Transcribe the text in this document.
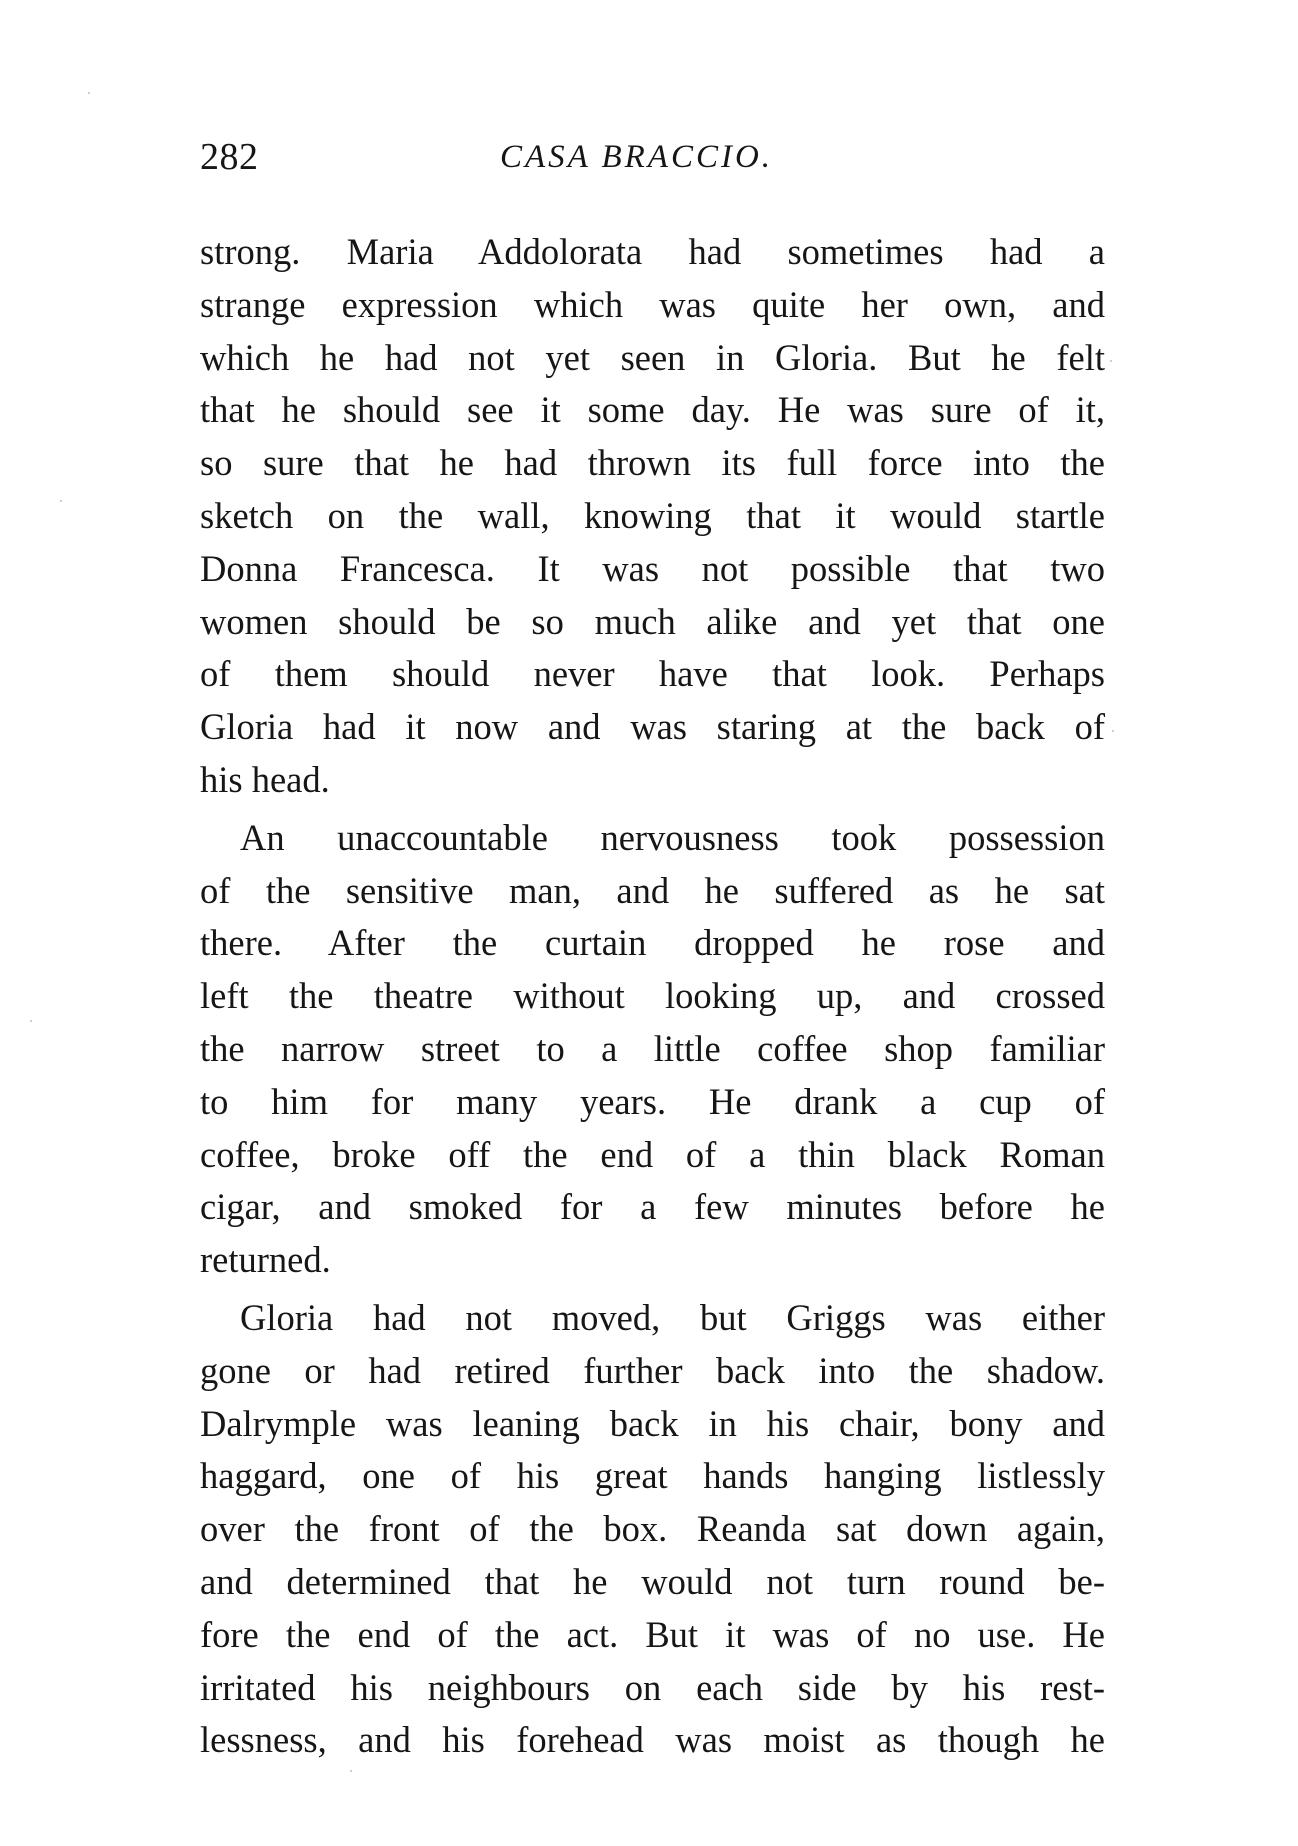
282	CASA BRACCIO.
strong. Maria Addolorata had sometimes had a
strange expression which was quite her own, and
which he had not yet seen in Gloria. But he felt
that he should see it some day. He was sure of it,
so sure that he had thrown its full force into the
sketch on the wall, knowing that it would startle
Donna Francesca. It was not possible that two
women should be so much alike and yet that one
of them should never have that look. Perhaps
Gloria had it now and was staring at the back of
his head.
An unaccountable nervousness took possession
of the sensitive man, and he suffered as he sat
there. After the curtain dropped he rose and
left the theatre without looking up, and crossed
the narrow street to a little coffee shop familiar
to him for many years. He drank a cup of
coffee, broke off the end of a thin black Roman
cigar, and smoked for a few minutes before he
returned.
Gloria had not moved, but Griggs was either
gone or had retired further back into the shadow.
Dalrymple was leaning back in his chair, bony and
haggard, one of his great hands hanging listlessly
over the front of the box. Reanda sat down again,
and determined that he would not turn round be-
fore the end of the act. But it was of no use. He
irritated his neighbours on each side by his rest-
lessness, and his forehead was moist as though he
